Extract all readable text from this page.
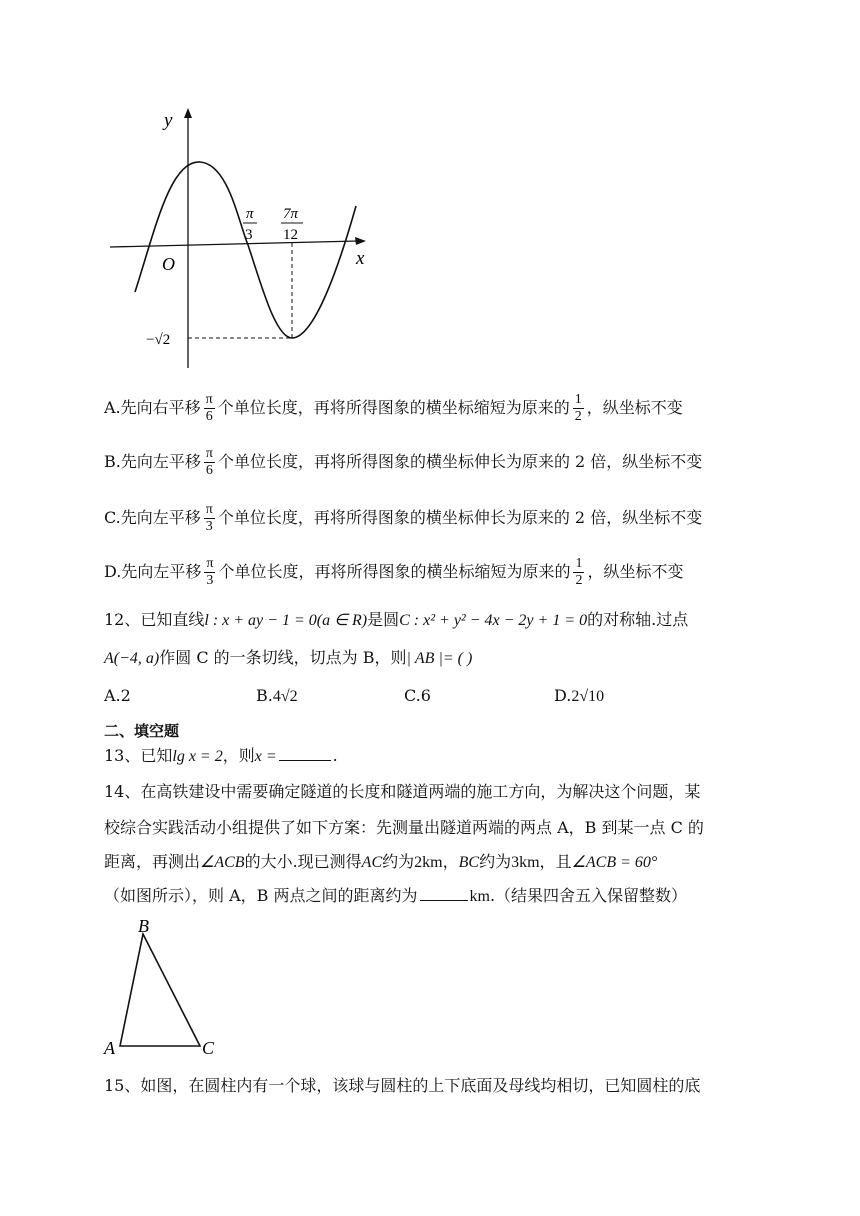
y
x
O
π
3
7π
12
−√2
A.先向右平移 $\frac{\pi}{6}$ 个单位长度，再将所得图象的横坐标缩短为原来的 $\frac{1}{2}$ ，纵坐标不变
B.先向左平移 $\frac{\pi}{6}$ 个单位长度，再将所得图象的横坐标伸长为原来的 2 倍，纵坐标不变
C.先向左平移 $\frac{\pi}{3}$ 个单位长度，再将所得图象的横坐标伸长为原来的 2 倍，纵坐标不变
D.先向左平移 $\frac{\pi}{3}$ 个单位长度，再将所得图象的横坐标缩短为原来的 $\frac{1}{2}$ ，纵坐标不变
12、已知直线l : x + ay − 1 = 0(a ∈ R)是圆C : x² + y² − 4x − 2y + 1 = 0的对称轴.过点
A(−4, a)作圆 C 的一条切线，切点为 B，则| AB |= ( )
A.2	B.4√2	C.6	D.2√10
二、填空题
13、已知lg x = 2，则x =	.
14、在高铁建设中需要确定隧道的长度和隧道两端的施工方向，为解决这个问题，某
校综合实践活动小组提供了如下方案：先测量出隧道两端的两点 A，B 到某一点 C 的
距离，再测出∠ACB的大小.现已测得AC约为2km，BC约为3km，且∠ACB = 60°
（如图所示），则 A，B 两点之间的距离约为	km.（结果四舍五入保留整数）
B
A	C
15、如图，在圆柱内有一个球，该球与圆柱的上下底面及母线均相切，已知圆柱的底
